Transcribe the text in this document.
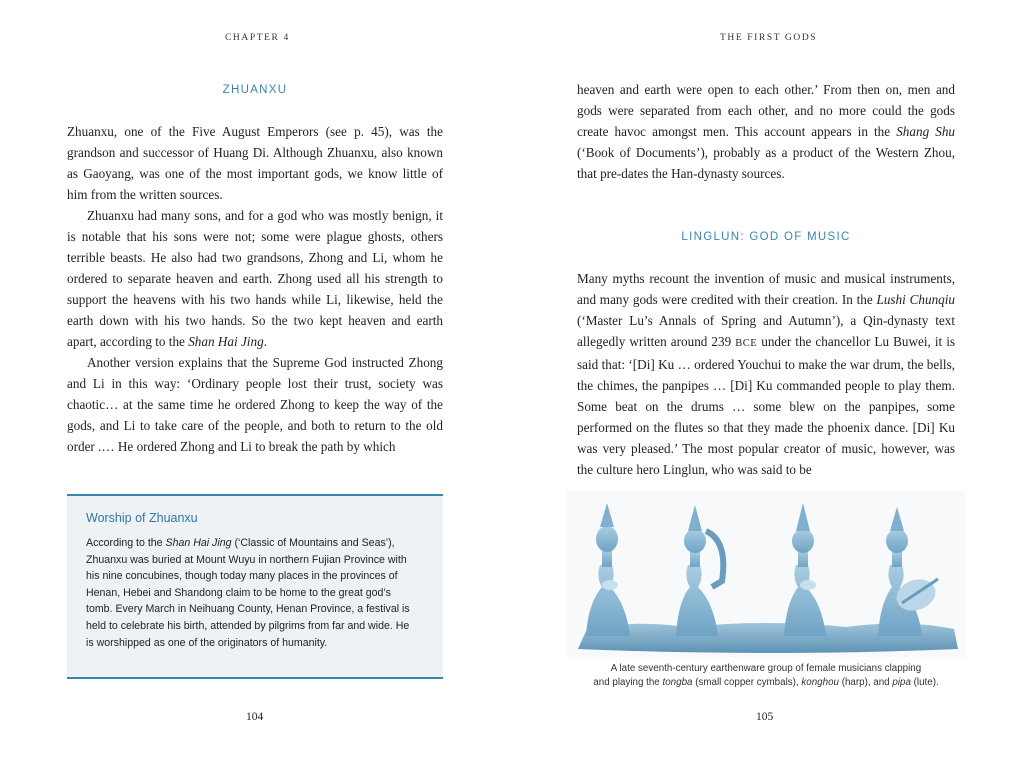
CHAPTER 4
ZHUANXU

Zhuanxu, one of the Five August Emperors (see p. 45), was the grandson and successor of Huang Di. Although Zhuanxu, also known as Gaoyang, was one of the most important gods, we know little of him from the written sources.

Zhuanxu had many sons, and for a god who was mostly benign, it is notable that his sons were not; some were plague ghosts, others terrible beasts. He also had two grandsons, Zhong and Li, whom he ordered to separate heaven and earth. Zhong used all his strength to support the heavens with his two hands while Li, likewise, held the earth down with his two hands. So the two kept heaven and earth apart, according to the Shan Hai Jing.

Another version explains that the Supreme God instructed Zhong and Li in this way: ‘Ordinary people lost their trust, society was chaotic… at the same time he ordered Zhong to keep the way of the gods, and Li to take care of the people, and both to return to the old order .… He ordered Zhong and Li to break the path by which

Worship of Zhuanxu
According to the Shan Hai Jing (‘Classic of Mountains and Seas’), Zhuanxu was buried at Mount Wuyu in northern Fujian Province with his nine concubines, though today many places in the provinces of Henan, Hebei and Shandong claim to be home to the great god’s tomb. Every March in Neihuang County, Henan Province, a festival is held to celebrate his birth, attended by pilgrims from far and wide. He is worshipped as one of the originators of humanity.
104
THE FIRST GODS

heaven and earth were open to each other.’ From then on, men and gods were separated from each other, and no more could the gods create havoc amongst men. This account appears in the Shang Shu (‘Book of Documents’), probably as a product of the Western Zhou, that pre-dates the Han-dynasty sources.

LINGLUN: GOD OF MUSIC

Many myths recount the invention of music and musical instruments, and many gods were credited with their creation. In the Lushi Chunqiu (‘Master Lu’s Annals of Spring and Autumn’), a Qin-dynasty text allegedly written around 239 BCE under the chancellor Lu Buwei, it is said that: ‘[Di] Ku … ordered Youchui to make the war drum, the bells, the chimes, the panpipes … [Di] Ku commanded people to play them. Some beat on the drums … some blew on the panpipes, some performed on the flutes so that they made the phoenix dance. [Di] Ku was very pleased.’ The most popular creator of music, however, was the culture hero Linglun, who was said to be

A late seventh-century earthenware group of female musicians clapping
and playing the tongba (small copper cymbals), konghou (harp), and pipa (lute).
105
